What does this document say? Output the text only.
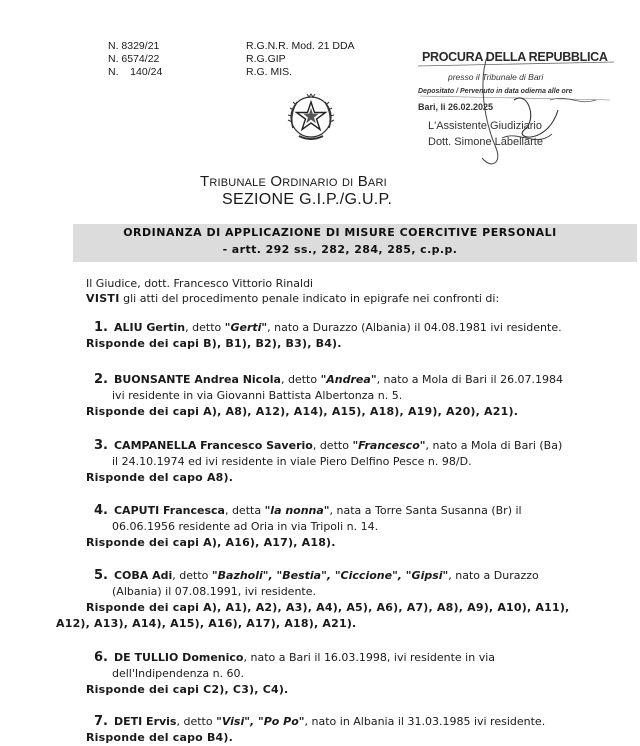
N. 8329/21
N. 6574/22
N.    140/24
R.G.N.R. Mod. 21 DDA
R.G.GIP
R.G. MIS.
PROCURA DELLA REPUBBLICA
presso il Tribunale di Bari
Depositato / Pervenuto in data odierna alle ore
Bari, li 26.02.2025
L'Assistente Giudiziario
Dott. Simone Labellarte
Tribunale Ordinario di Bari
SEZIONE G.I.P./G.U.P.
ORDINANZA DI APPLICAZIONE DI MISURE COERCITIVE PERSONALI
- artt. 292 ss., 282, 284, 285, c.p.p.
Il Giudice, dott. Francesco Vittorio Rinaldi
VISTI gli atti del procedimento penale indicato in epigrafe nei confronti di:
1. ALIU Gertin, detto "Gerti", nato a Durazzo (Albania) il 04.08.1981 ivi residente.
Risponde dei capi B), B1), B2), B3), B4).
2. BUONSANTE Andrea Nicola, detto "Andrea", nato a Mola di Bari il 26.07.1984
ivi residente in via Giovanni Battista Albertonza n. 5.
Risponde dei capi A), A8), A12), A14), A15), A18), A19), A20), A21).
3. CAMPANELLA Francesco Saverio, detto "Francesco", nato a Mola di Bari (Ba)
il 24.10.1974 ed ivi residente in viale Piero Delfino Pesce n. 98/D.
Risponde del capo A8).
4. CAPUTI Francesca, detta "la nonna", nata a Torre Santa Susanna (Br) il
06.06.1956 residente ad Oria in via Tripoli n. 14.
Risponde dei capi A), A16), A17), A18).
5. COBA Adi, detto "Bazholi", "Bestia", "Ciccione", "Gipsi", nato a Durazzo
(Albania) il 07.08.1991, ivi residente.
Risponde dei capi A), A1), A2), A3), A4), A5), A6), A7), A8), A9), A10), A11),
A12), A13), A14), A15), A16), A17), A18), A21).
6. DE TULLIO Domenico, nato a Bari il 16.03.1998, ivi residente in via
dell'Indipendenza n. 60.
Risponde dei capi C2), C3), C4).
7. DETI Ervis, detto "Visi", "Po Po", nato in Albania il 31.03.1985 ivi residente.
Risponde del capo B4).
